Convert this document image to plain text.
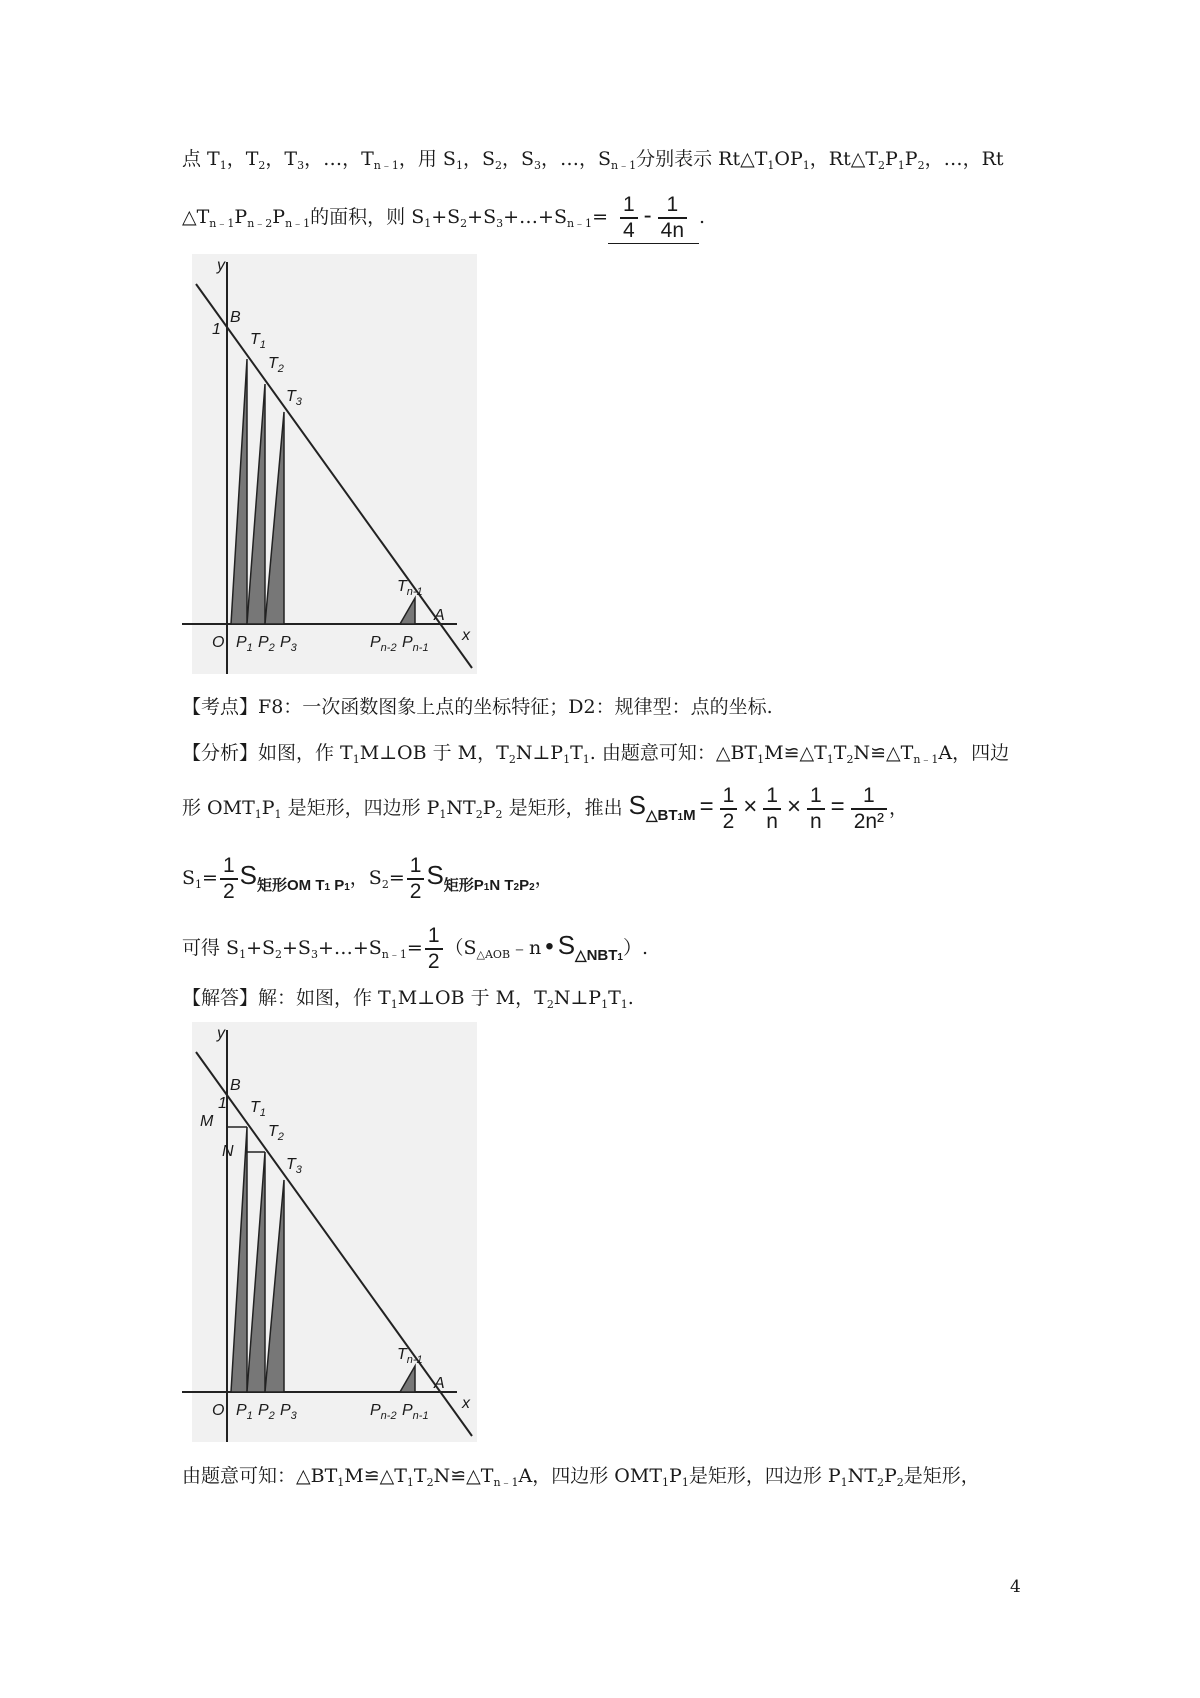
点 $T_1$，$T_2$，$T_3$，…，$T_{n﹣1}$，用 $S_1$，$S_2$，$S_3$，…，$S_{n﹣1}$分别表示 $Rt\triangle T_1OP_1$，$Rt\triangle T_2P_1P_2$，…，Rt
$\triangle T_{n﹣1}P_{n﹣2}P_{n﹣1}$的面积，则 $S_1+S_2+S_3+\dots+S_{n﹣1}= \frac{1}{4} - \frac{1}{4n}$ .
y
x
1
B
$T_1$
$T_2$
$T_3$
$T_{n-1}$
A
O $P_1$ $P_2$ $P_3$	$P_{n-2}$ $P_{n-1}$
【考点】F8：一次函数图象上点的坐标特征；D2：规律型：点的坐标.
【分析】如图，作 $T_1M\perp OB$ 于 M，$T_2N\perp P_1T_1$. 由题意可知：$\triangle BT_1M≌\triangle T_1T_2N≌\triangle T_{n﹣1}A$，四边
形 $OMT_1P_1$ 是矩形，四边形 $P_1NT_2P_2$ 是矩形，推出 $S_{\triangle BT1M} = \frac{1}{2} \times \frac{1}{n} \times \frac{1}{n} = \frac{1}{\text{2n²}}$ ，
$S_1= \frac{1}{2} S_{矩形OM T1 P1}$，$S_2= \frac{1}{2} S_{矩形P1N T2P2}$，
可得 $S_1+S_2+S_3+\dots+S_{n﹣1}= \frac{1}{2}$ （$S_{\triangle AOB}﹣n$ • $S_{\triangle NBT1}$）.
【解答】解：如图，作 $T_1M\perp OB$ 于 M，$T_2N\perp P_1T_1$.
y
x
1
B
M
N
$T_1$
$T_2$
$T_3$
$T_{n-1}$
A
O $P_1$ $P_2$ $P_3$	$P_{n-2}$ $P_{n-1}$
由题意可知：$\triangle BT_1M≌\triangle T_1T_2N≌\triangle T_{n﹣1}A$，四边形 $OMT_1P_1$是矩形，四边形 $P_1NT_2P_2$是矩形，
4
